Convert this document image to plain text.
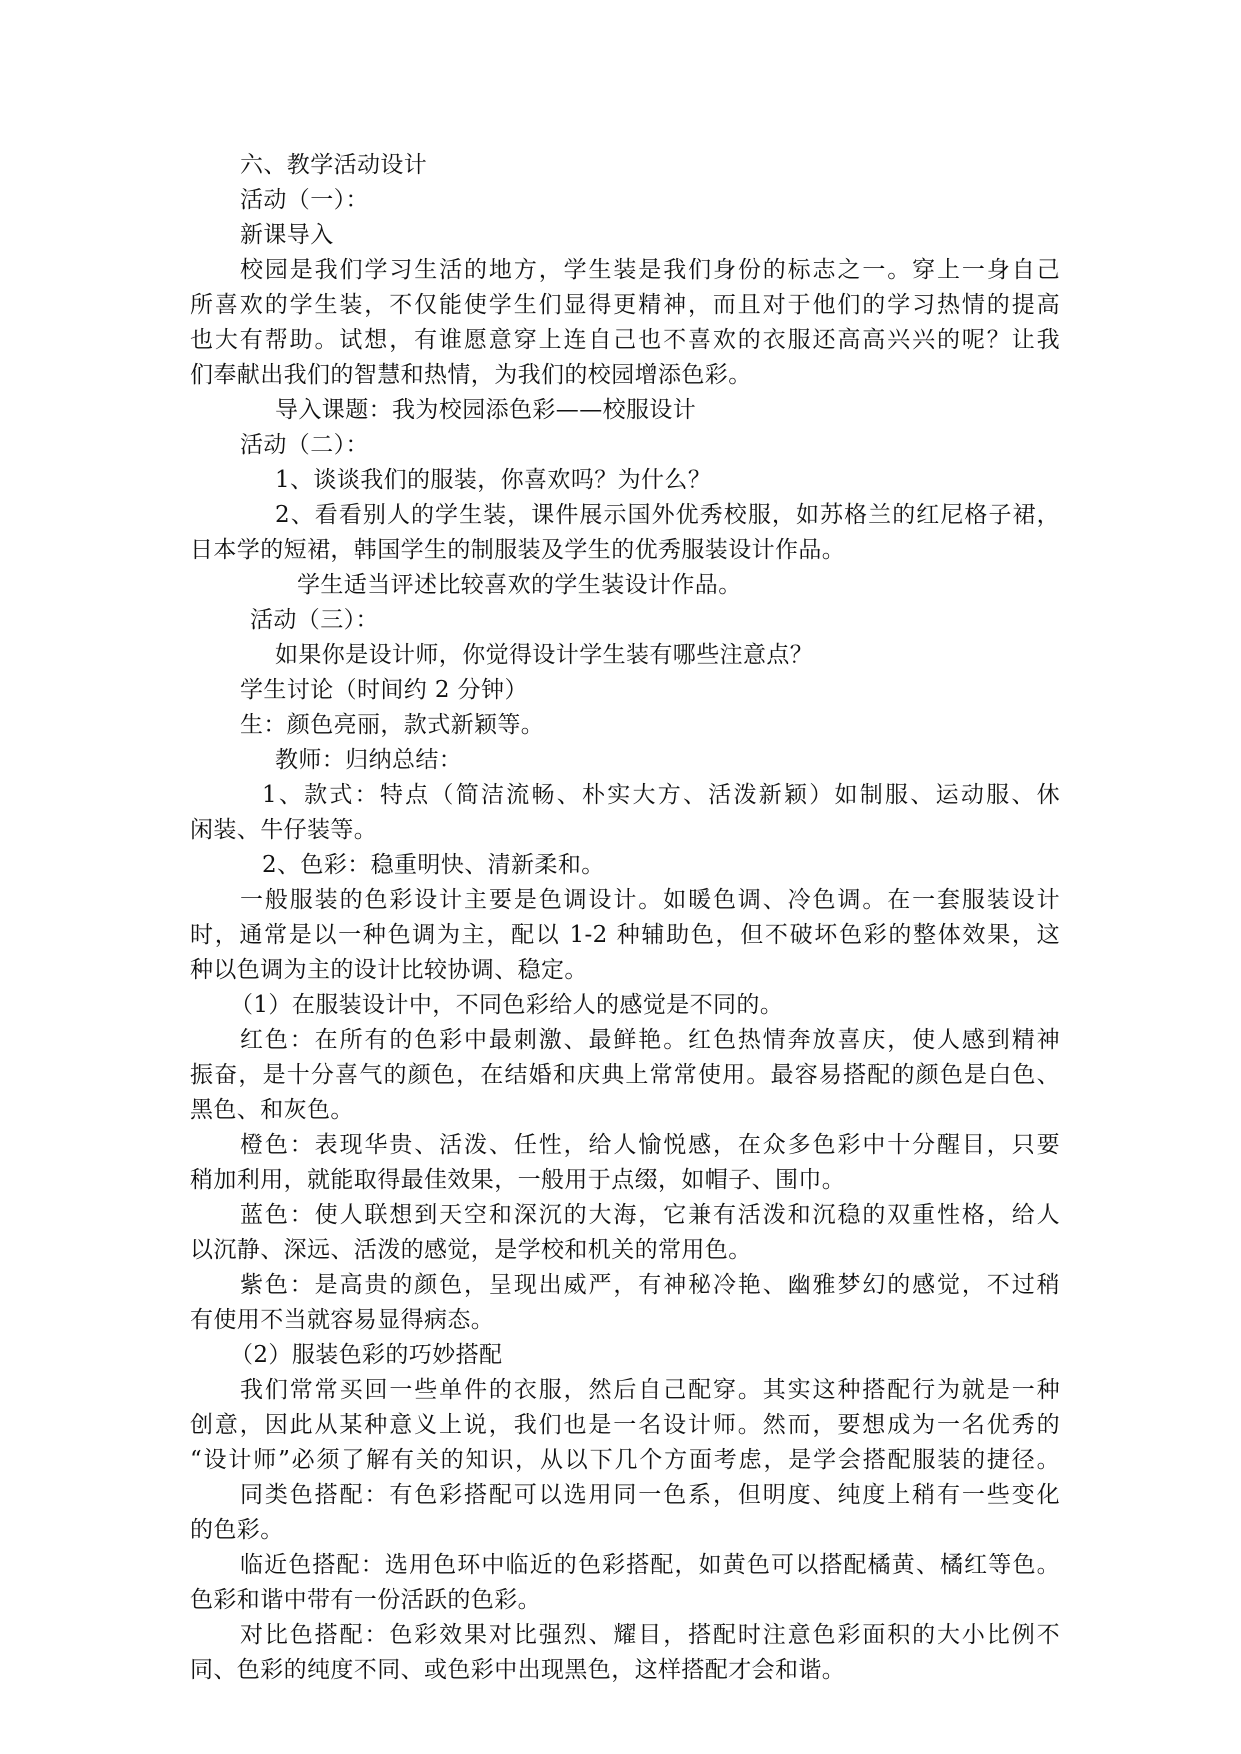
六、教学活动设计
活动（一）：
新课导入
校园是我们学习生活的地方，学生装是我们身份的标志之一。穿上一身自己
所喜欢的学生装，不仅能使学生们显得更精神，而且对于他们的学习热情的提高
也大有帮助。试想，有谁愿意穿上连自己也不喜欢的衣服还高高兴兴的呢？让我
们奉献出我们的智慧和热情，为我们的校园增添色彩。
导入课题：我为校园添色彩——校服设计
活动（二）：
1、谈谈我们的服装，你喜欢吗？为什么？
2、看看别人的学生装，课件展示国外优秀校服，如苏格兰的红尼格子裙，
日本学的短裙，韩国学生的制服装及学生的优秀服装设计作品。
学生适当评述比较喜欢的学生装设计作品。
活动（三）：
如果你是设计师，你觉得设计学生装有哪些注意点？
学生讨论（时间约 2 分钟）
生：颜色亮丽，款式新颖等。
教师：归纳总结：
1、款式：特点（简洁流畅、朴实大方、活泼新颖）如制服、运动服、休
闲装、牛仔装等。
2、色彩：稳重明快、清新柔和。
一般服装的色彩设计主要是色调设计。如暖色调、冷色调。在一套服装设计
时，通常是以一种色调为主，配以 1-2 种辅助色，但不破坏色彩的整体效果，这
种以色调为主的设计比较协调、稳定。
（1）在服装设计中，不同色彩给人的感觉是不同的。
红色：在所有的色彩中最刺激、最鲜艳。红色热情奔放喜庆，使人感到精神
振奋，是十分喜气的颜色，在结婚和庆典上常常使用。最容易搭配的颜色是白色、
黑色、和灰色。
橙色：表现华贵、活泼、任性，给人愉悦感，在众多色彩中十分醒目，只要
稍加利用，就能取得最佳效果，一般用于点缀，如帽子、围巾。
蓝色：使人联想到天空和深沉的大海，它兼有活泼和沉稳的双重性格，给人
以沉静、深远、活泼的感觉，是学校和机关的常用色。
紫色：是高贵的颜色，呈现出威严，有神秘冷艳、幽雅梦幻的感觉，不过稍
有使用不当就容易显得病态。
（2）服装色彩的巧妙搭配
我们常常买回一些单件的衣服，然后自己配穿。其实这种搭配行为就是一种
创意，因此从某种意义上说，我们也是一名设计师。然而，要想成为一名优秀的
“设计师”必须了解有关的知识，从以下几个方面考虑，是学会搭配服装的捷径。
同类色搭配：有色彩搭配可以选用同一色系，但明度、纯度上稍有一些变化
的色彩。
临近色搭配：选用色环中临近的色彩搭配，如黄色可以搭配橘黄、橘红等色。
色彩和谐中带有一份活跃的色彩。
对比色搭配：色彩效果对比强烈、耀目，搭配时注意色彩面积的大小比例不
同、色彩的纯度不同、或色彩中出现黑色，这样搭配才会和谐。
